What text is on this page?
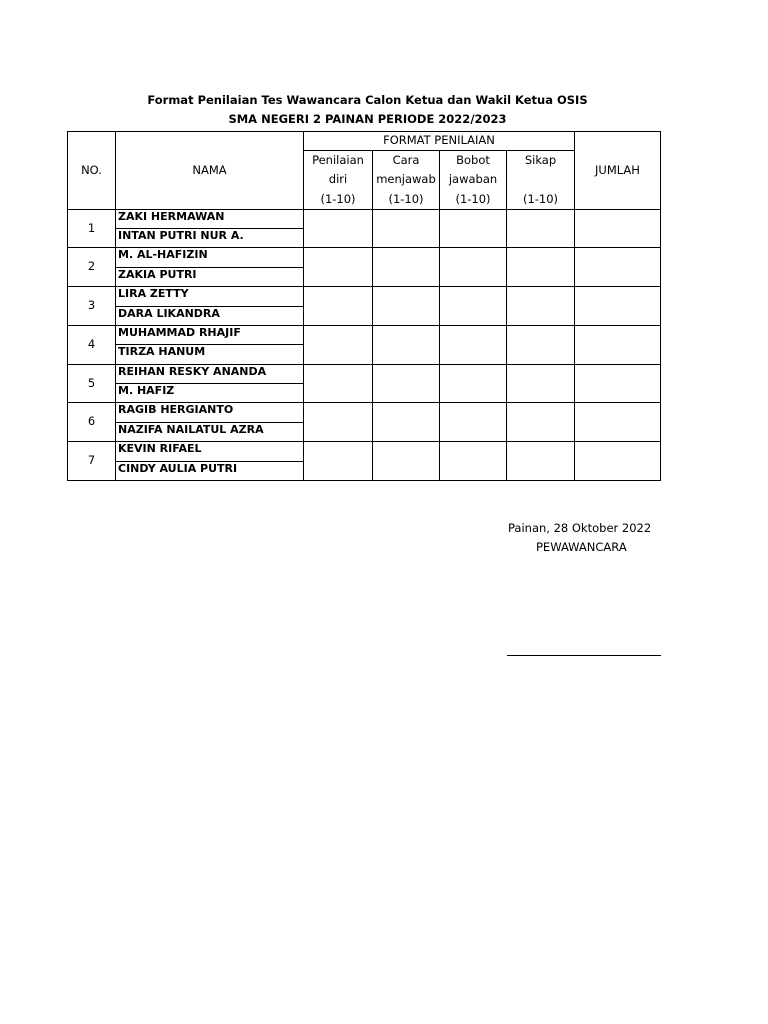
Format Penilaian Tes Wawancara Calon Ketua dan Wakil Ketua OSIS
SMA NEGERI 2 PAINAN PERIODE 2022/2023
NO.	NAMA	FORMAT PENILAIAN				JUMLAH
		Penilaian	Cara	Bobot	Sikap	
		diri	menjawab	jawaban		
		(1-10)	(1-10)	(1-10)	(1-10)	
1	ZAKI HERMAWAN					
	INTAN PUTRI NUR A.					
2	M. AL-HAFIZIN					
	ZAKIA PUTRI					
3	LIRA ZETTY					
	DARA LIKANDRA					
4	MUHAMMAD RHAJIF					
	TIRZA HANUM					
5	REIHAN RESKY ANANDA					
	M. HAFIZ					
6	RAGIB HERGIANTO					
	NAZIFA NAILATUL AZRA					
7	KEVIN RIFAEL					
	CINDY AULIA PUTRI					
Painan, 28 Oktober 2022
PEWAWANCARA
